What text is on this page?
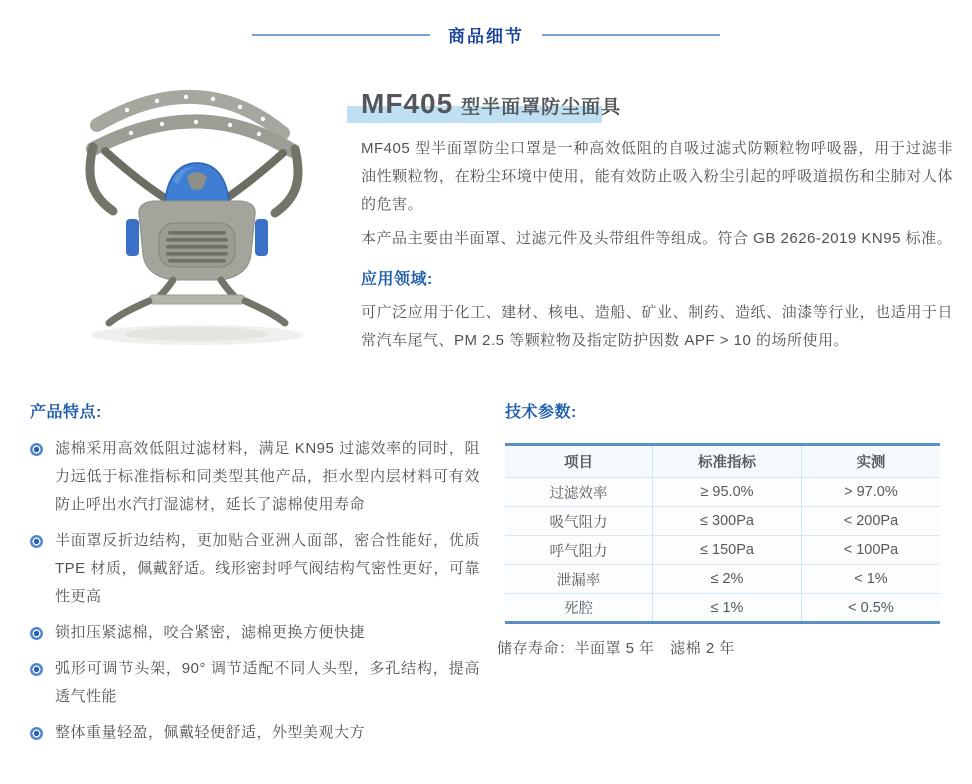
商品细节
MF405 型半面罩防尘面具

MF405 型半面罩防尘口罩是一种高效低阻的自吸过滤式防颗粒物呼吸器，用于过滤非油性颗粒物，在粉尘环境中使用，能有效防止吸入粉尘引起的呼吸道损伤和尘肺对人体的危害。

本产品主要由半面罩、过滤元件及头带组件等组成。符合 GB 2626-2019 KN95 标准。

应用领域:

可广泛应用于化工、建材、核电、造船、矿业、制药、造纸、油漆等行业，也适用于日常汽车尾气、PM 2.5 等颗粒物及指定防护因数 APF > 10 的场所使用。

产品特点:
滤棉采用高效低阻过滤材料，满足 KN95 过滤效率的同时，阻力远低于标准指标和同类型其他产品，拒水型内层材料可有效防止呼出水汽打湿滤材，延长了滤棉使用寿命
半面罩反折边结构，更加贴合亚洲人面部，密合性能好，优质 TPE 材质，佩戴舒适。线形密封呼气阀结构气密性更好，可靠性更高
锁扣压紧滤棉，咬合紧密，滤棉更换方便快捷
弧形可调节头架，90° 调节适配不同人头型，多孔结构，提高透气性能
整体重量轻盈，佩戴轻便舒适，外型美观大方
技术参数:
项目	标准指标	实测
过滤效率	≥ 95.0%	> 97.0%
吸气阻力	≤ 300Pa	< 200Pa
呼气阻力	≤ 150Pa	< 100Pa
泄漏率	≤ 2%	< 1%
死腔	≤ 1%	< 0.5%

储存寿命：半面罩 5 年　滤棉 2 年
